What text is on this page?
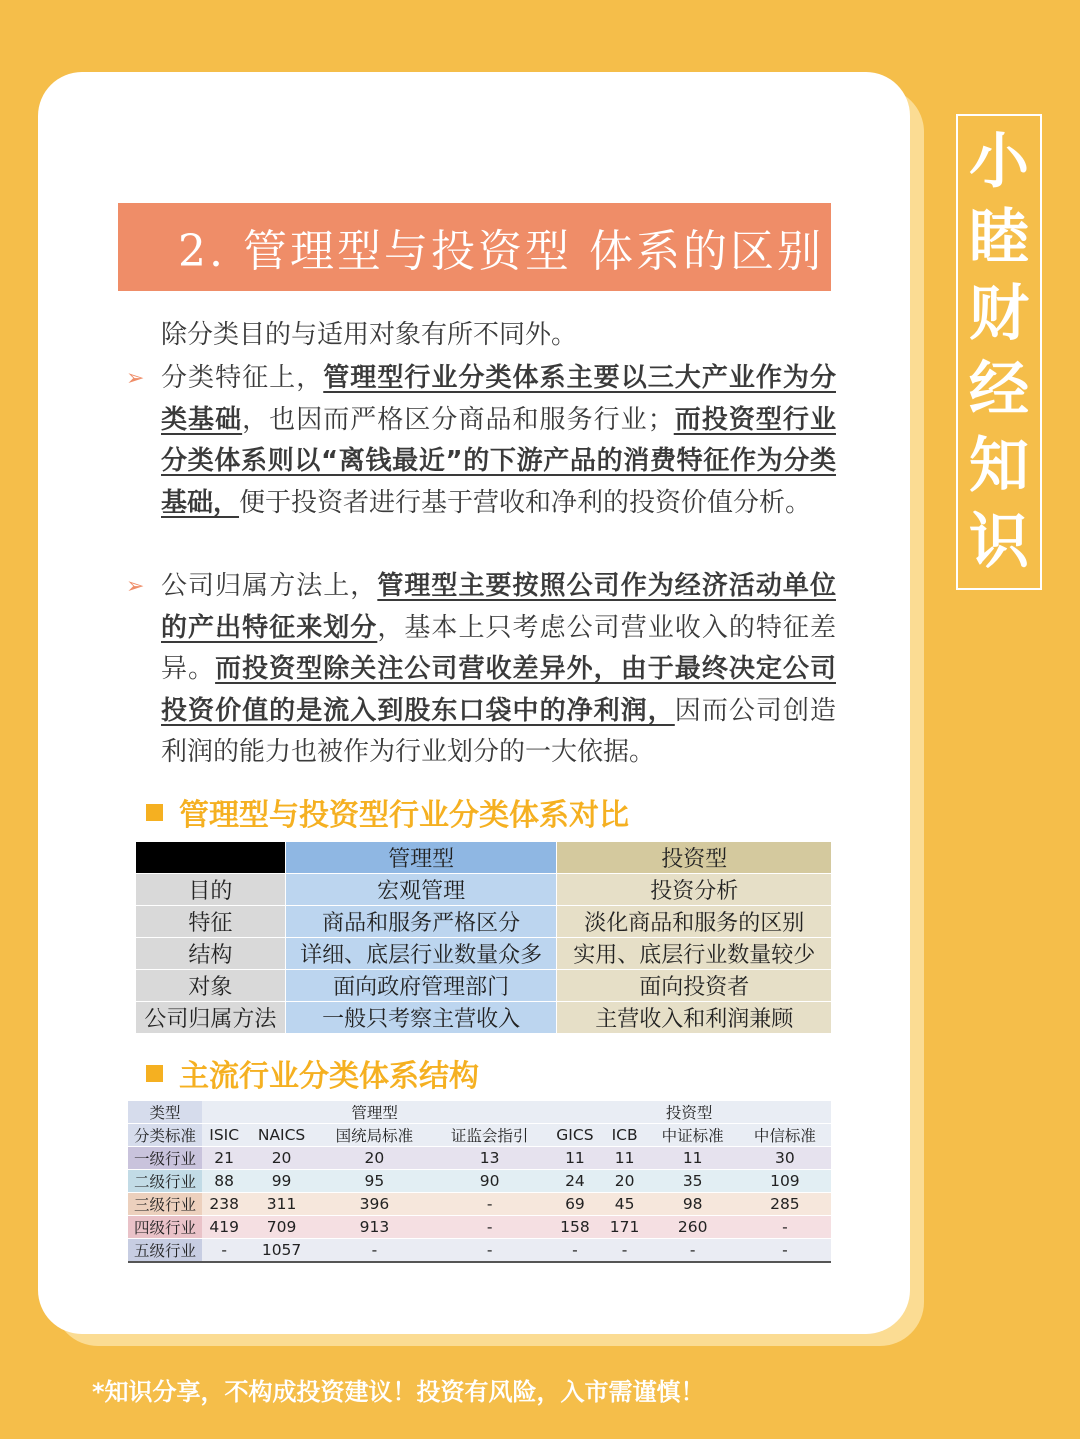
小
睦
财
经
知
识
2. 管理型与投资型 体系的区别
除分类目的与适用对象有所不同外。
➢ 分类特征上，管理型行业分类体系主要以三大产业作为分类基础，也因而严格区分商品和服务行业；而投资型行业分类体系则以“离钱最近”的下游产品的消费特征作为分类基础，便于投资者进行基于营收和净利的投资价值分析。
➢ 公司归属方法上，管理型主要按照公司作为经济活动单位的产出特征来划分，基本上只考虑公司营业收入的特征差异。而投资型除关注公司营收差异外，由于最终决定公司投资价值的是流入到股东口袋中的净利润，因而公司创造利润的能力也被作为行业划分的一大依据。
管理型与投资型行业分类体系对比
	管理型	投资型
目的	宏观管理	投资分析
特征	商品和服务严格区分	淡化商品和服务的区别
结构	详细、底层行业数量众多	实用、底层行业数量较少
对象	面向政府管理部门	面向投资者
公司归属方法	一般只考察主营收入	主营收入和利润兼顾
主流行业分类体系结构
类型	管理型				投资型			
分类标准	ISIC	NAICS	国统局标准	证监会指引	GICS	ICB	中证标准	中信标准
一级行业	21	20	20	13	11	11	11	30
二级行业	88	99	95	90	24	20	35	109
三级行业	238	311	396	-	69	45	98	285
四级行业	419	709	913	-	158	171	260	-
五级行业	-	1057	-	-	-	-	-	-
*知识分享，不构成投资建议！投资有风险，入市需谨慎！
